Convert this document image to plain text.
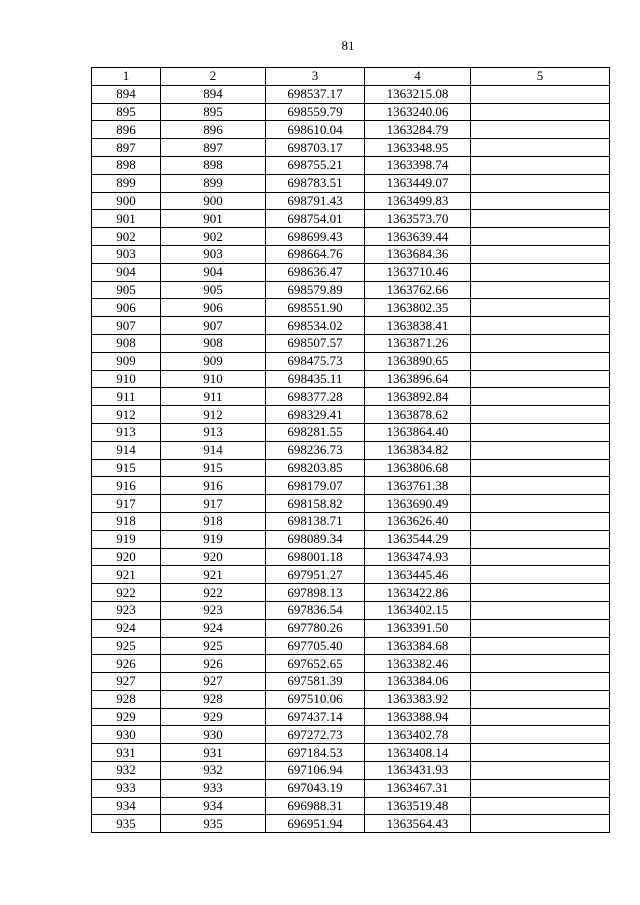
81
1	2	3	4	5
894	894	698537.17	1363215.08	
895	895	698559.79	1363240.06	
896	896	698610.04	1363284.79	
897	897	698703.17	1363348.95	
898	898	698755.21	1363398.74	
899	899	698783.51	1363449.07	
900	900	698791.43	1363499.83	
901	901	698754.01	1363573.70	
902	902	698699.43	1363639.44	
903	903	698664.76	1363684.36	
904	904	698636.47	1363710.46	
905	905	698579.89	1363762.66	
906	906	698551.90	1363802.35	
907	907	698534.02	1363838.41	
908	908	698507.57	1363871.26	
909	909	698475.73	1363890.65	
910	910	698435.11	1363896.64	
911	911	698377.28	1363892.84	
912	912	698329.41	1363878.62	
913	913	698281.55	1363864.40	
914	914	698236.73	1363834.82	
915	915	698203.85	1363806.68	
916	916	698179.07	1363761.38	
917	917	698158.82	1363690.49	
918	918	698138.71	1363626.40	
919	919	698089.34	1363544.29	
920	920	698001.18	1363474.93	
921	921	697951.27	1363445.46	
922	922	697898.13	1363422.86	
923	923	697836.54	1363402.15	
924	924	697780.26	1363391.50	
925	925	697705.40	1363384.68	
926	926	697652.65	1363382.46	
927	927	697581.39	1363384.06	
928	928	697510.06	1363383.92	
929	929	697437.14	1363388.94	
930	930	697272.73	1363402.78	
931	931	697184.53	1363408.14	
932	932	697106.94	1363431.93	
933	933	697043.19	1363467.31	
934	934	696988.31	1363519.48	
935	935	696951.94	1363564.43	
